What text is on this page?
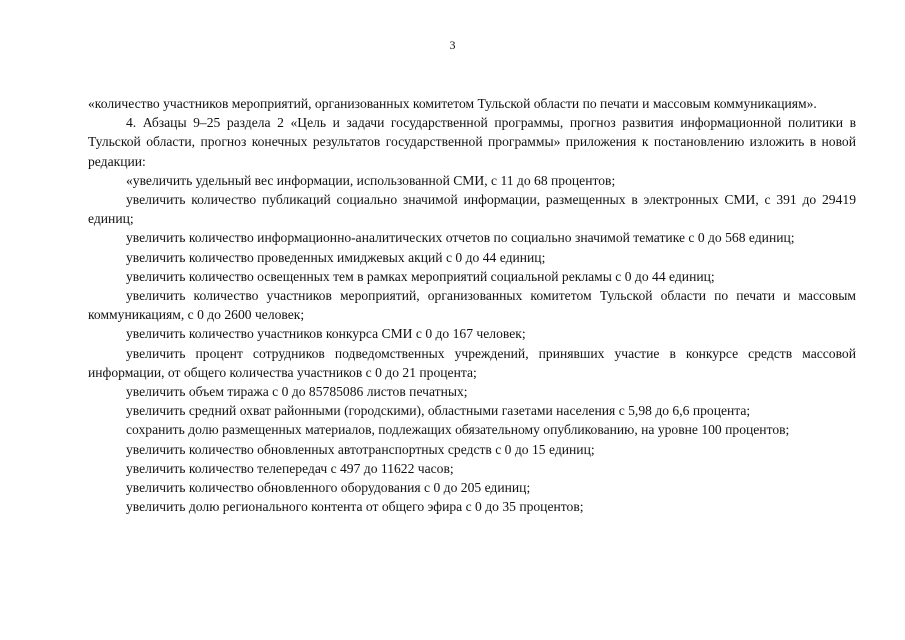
3

«количество участников мероприятий, организованных комитетом Тульской области по печати и массовым коммуникациям».

4. Абзацы 9–25 раздела 2 «Цель и задачи государственной программы, прогноз развития информационной политики в Тульской области, прогноз конечных результатов государственной программы» приложения к постановлению изложить в новой редакции:

«увеличить удельный вес информации, использованной СМИ, с 11 до 68 процентов;

увеличить количество публикаций социально значимой информации, размещенных в электронных СМИ, с 391 до 29419 единиц;

увеличить количество информационно-аналитических отчетов по социально значимой тематике с 0 до 568 единиц;

увеличить количество проведенных имиджевых акций с 0 до 44 единиц;

увеличить количество освещенных тем в рамках мероприятий социальной рекламы с 0 до 44 единиц;

увеличить количество участников мероприятий, организованных комитетом Тульской области по печати и массовым коммуникациям, с 0 до 2600 человек;

увеличить количество участников конкурса СМИ с 0 до 167 человек;

увеличить процент сотрудников подведомственных учреждений, принявших участие в конкурсе средств массовой информации, от общего количества участников с 0 до 21 процента;

увеличить объем тиража с 0 до 85785086 листов печатных;

увеличить средний охват районными (городскими), областными газетами населения с 5,98 до 6,6 процента;

сохранить долю размещенных материалов, подлежащих обязательному опубликованию, на уровне 100 процентов;

увеличить количество обновленных автотранспортных средств с 0 до 15 единиц;

увеличить количество телепередач с 497 до 11622 часов;

увеличить количество обновленного оборудования с 0 до 205 единиц;

увеличить долю регионального контента от общего эфира с 0 до 35 процентов;
